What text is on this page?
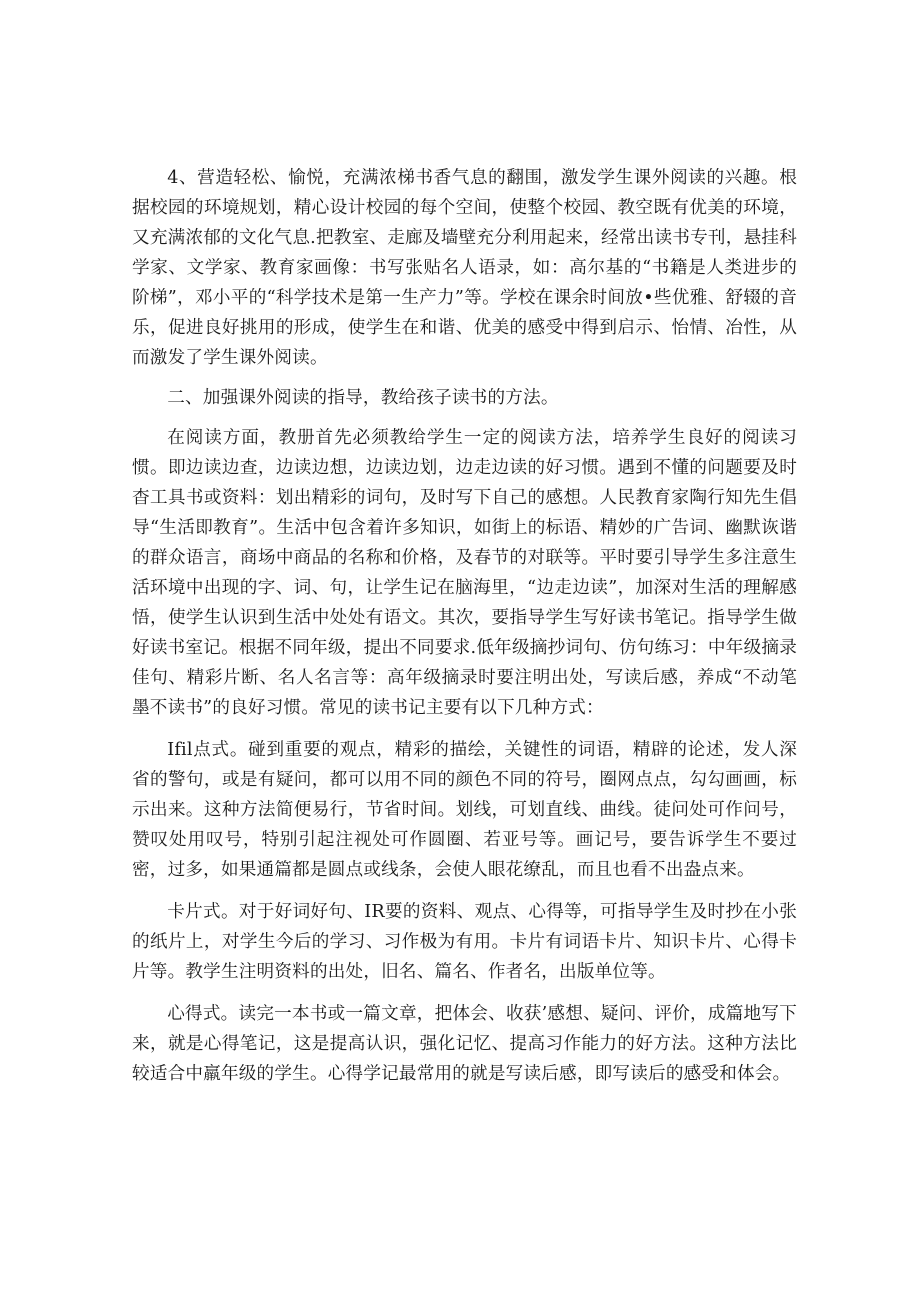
4、营造轻松、愉悦，充满浓梯书香气息的翻围，激发学生课外阅读的兴趣。根据校园的环境规划，精心设计校园的每个空间，使整个校园、教空既有优美的环境，又充满浓郁的文化气息.把教室、走廊及墙壁充分利用起来，经常出读书专刊，悬挂科学家、文学家、教育家画像：书写张贴名人语录，如：高尔基的“书籍是人类进步的阶梯”，邓小平的“科学技术是第一生产力”等。学校在课余时间放•些优雅、舒辍的音乐，促进良好挑用的形成，使学生在和谐、优美的感受中得到启示、怡情、冶性，从而激发了学生课外阅读。

二、加强课外阅读的指导，教给孩子读书的方法。

在阅读方面，教册首先必须教给学生一定的阅读方法，培养学生良好的阅读习惯。即边读边查，边读边想，边读边划，边走边读的好习惯。遇到不懂的问题要及时杳工具书或资料：划出精彩的词句，及时写下自己的感想。人民教育家陶行知先生倡导“生活即教育”。生活中包含着许多知识，如街上的标语、精妙的广告词、幽默诙谐的群众语言，商场中商品的名称和价格，及春节的对联等。平时要引导学生多注意生活环境中出现的字、词、句，让学生记在脑海里，“边走边读”，加深对生活的理解感悟，使学生认识到生活中处处有语文。其次，要指导学生写好读书笔记。指导学生做好读书室记。根据不同年级，提出不同要求.低年级摘抄词句、仿句练习：中年级摘录佳句、精彩片断、名人名言等：高年级摘录时要注明出处，写读后感，养成“不动笔墨不读书”的良好习惯。常见的读书记主要有以下几种方式：

Ifil点式。碰到重要的观点，精彩的描绘，关键性的词语，精辟的论述，发人深省的警句，或是有疑问，都可以用不同的颜色不同的符号，圈网点点，勾勾画画，标示出来。这种方法简便易行，节省时间。划线，可划直线、曲线。徒问处可作问号，赞叹处用叹号，特别引起注视处可作圆圈、若亚号等。画记号，要告诉学生不要过密，过多，如果通篇都是圆点或线条，会使人眼花缭乱，而且也看不出盎点来。

卡片式。对于好词好句、IR要的资料、观点、心得等，可指导学生及时抄在小张的纸片上，对学生今后的学习、习作极为有用。卡片有词语卡片、知识卡片、心得卡片等。教学生注明资料的出处，旧名、篇名、作者名，出版单位等。

心得式。读完一本书或一篇文章，把体会、收获’感想、疑问、评价，成篇地写下来，就是心得笔记，这是提高认识，强化记忆、提高习作能力的好方法。这种方法比较适合中羸年级的学生。心得学记最常用的就是写读后感，即写读后的感受和体会。
